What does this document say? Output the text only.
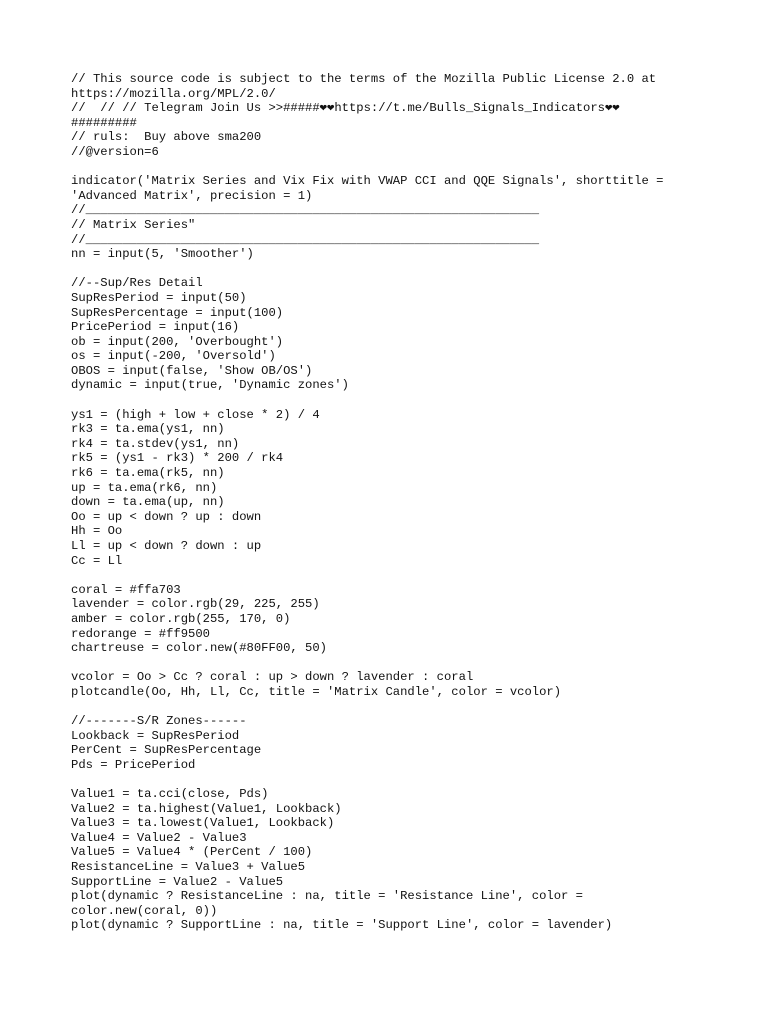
// This source code is subject to the terms of the Mozilla Public License 2.0 at
https://mozilla.org/MPL/2.0/
//  // // Telegram Join Us >>#####❤❤https://t.me/Bulls_Signals_Indicators❤❤
#########
// ruls:  Buy above sma200
//@version=6
indicator('Matrix Series and Vix Fix with VWAP CCI and QQE Signals', shorttitle =
'Advanced Matrix', precision = 1)
//______________________________________________________________
// Matrix Series"
//______________________________________________________________
nn = input(5, 'Smoother')
//--Sup/Res Detail
SupResPeriod = input(50)
SupResPercentage = input(100)
PricePeriod = input(16)
ob = input(200, 'Overbought')
os = input(-200, 'Oversold')
OBOS = input(false, 'Show OB/OS')
dynamic = input(true, 'Dynamic zones')
ys1 = (high + low + close * 2) / 4
rk3 = ta.ema(ys1, nn)
rk4 = ta.stdev(ys1, nn)
rk5 = (ys1 - rk3) * 200 / rk4
rk6 = ta.ema(rk5, nn)
up = ta.ema(rk6, nn)
down = ta.ema(up, nn)
Oo = up < down ? up : down
Hh = Oo
Ll = up < down ? down : up
Cc = Ll
coral = #ffa703
lavender = color.rgb(29, 225, 255)
amber = color.rgb(255, 170, 0)
redorange = #ff9500
chartreuse = color.new(#80FF00, 50)
vcolor = Oo > Cc ? coral : up > down ? lavender : coral
plotcandle(Oo, Hh, Ll, Cc, title = 'Matrix Candle', color = vcolor)
//-------S/R Zones------
Lookback = SupResPeriod
PerCent = SupResPercentage
Pds = PricePeriod
Value1 = ta.cci(close, Pds)
Value2 = ta.highest(Value1, Lookback)
Value3 = ta.lowest(Value1, Lookback)
Value4 = Value2 - Value3
Value5 = Value4 * (PerCent / 100)
ResistanceLine = Value3 + Value5
SupportLine = Value2 - Value5
plot(dynamic ? ResistanceLine : na, title = 'Resistance Line', color =
color.new(coral, 0))
plot(dynamic ? SupportLine : na, title = 'Support Line', color = lavender)
